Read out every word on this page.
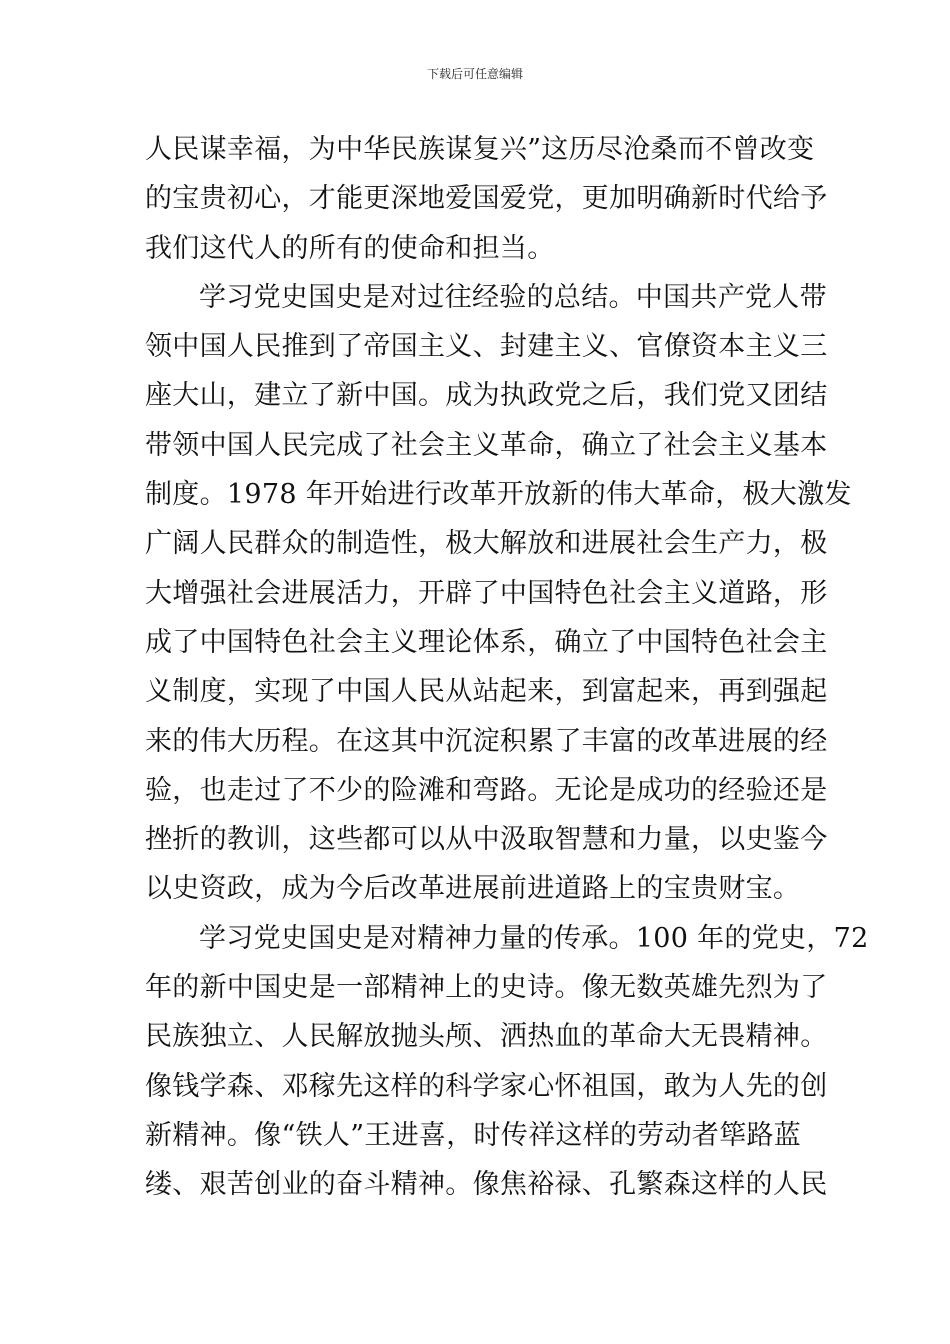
下载后可任意编辑
人民谋幸福，为中华民族谋复兴”这历尽沧桑而不曾改变
的宝贵初心，才能更深地爱国爱党，更加明确新时代给予
我们这代人的所有的使命和担当。
学习党史国史是对过往经验的总结。中国共产党人带
领中国人民推到了帝国主义、封建主义、官僚资本主义三
座大山，建立了新中国。成为执政党之后，我们党又团结
带领中国人民完成了社会主义革命，确立了社会主义基本
制度。1978 年开始进行改革开放新的伟大革命，极大激发
广阔人民群众的制造性，极大解放和进展社会生产力，极
大增强社会进展活力，开辟了中国特色社会主义道路，形
成了中国特色社会主义理论体系，确立了中国特色社会主
义制度，实现了中国人民从站起来，到富起来，再到强起
来的伟大历程。在这其中沉淀积累了丰富的改革进展的经
验，也走过了不少的险滩和弯路。无论是成功的经验还是
挫折的教训，这些都可以从中汲取智慧和力量，以史鉴今
以史资政，成为今后改革进展前进道路上的宝贵财宝。
学习党史国史是对精神力量的传承。100 年的党史，72
年的新中国史是一部精神上的史诗。像无数英雄先烈为了
民族独立、人民解放抛头颅、洒热血的革命大无畏精神。
像钱学森、邓稼先这样的科学家心怀祖国，敢为人先的创
新精神。像“铁人”王进喜，时传祥这样的劳动者筚路蓝
缕、艰苦创业的奋斗精神。像焦裕禄、孔繁森这样的人民
